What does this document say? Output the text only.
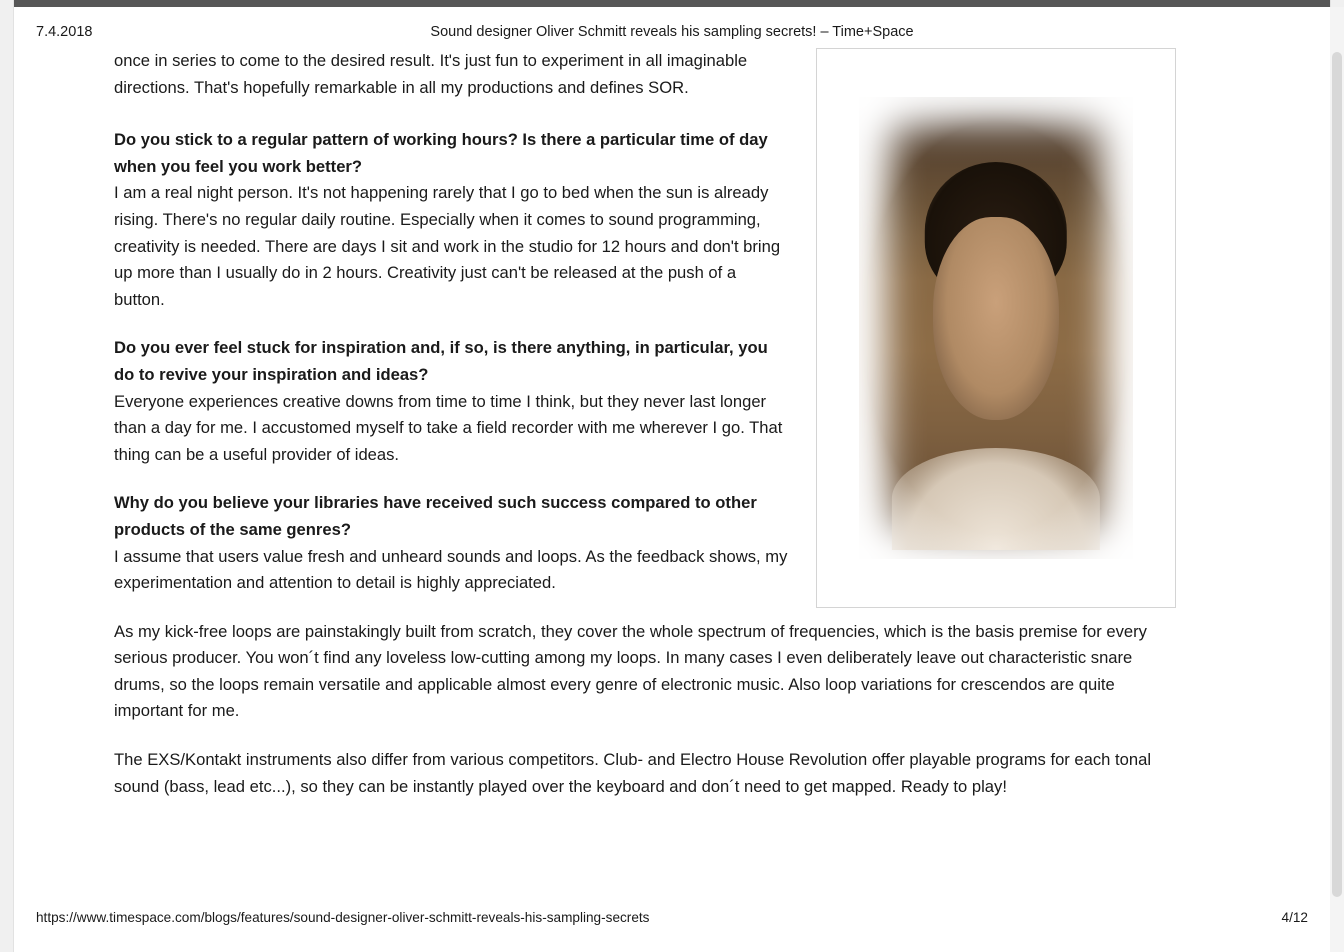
7.4.2018	Sound designer Oliver Schmitt reveals his sampling secrets! – Time+Space

once in series to come to the desired result. It's just fun to experiment in all imaginable directions. That's hopefully remarkable in all my productions and defines SOR.

Do you stick to a regular pattern of working hours? Is there a particular time of day when you feel you work better?

I am a real night person. It's not happening rarely that I go to bed when the sun is already rising. There's no regular daily routine. Especially when it comes to sound programming, creativity is needed. There are days I sit and work in the studio for 12 hours and don't bring up more than I usually do in 2 hours. Creativity just can't be released at the push of a button.

Do you ever feel stuck for inspiration and, if so, is there anything, in particular, you do to revive your inspiration and ideas?

Everyone experiences creative downs from time to time I think, but they never last longer than a day for me. I accustomed myself to take a field recorder with me wherever I go. That thing can be a useful provider of ideas.

Why do you believe your libraries have received such success compared to other products of the same genres?

I assume that users value fresh and unheard sounds and loops. As the feedback shows, my experimentation and attention to detail is highly appreciated.

As my kick-free loops are painstakingly built from scratch, they cover the whole spectrum of frequencies, which is the basis premise for every serious producer. You won´t find any loveless low-cutting among my loops. In many cases I even deliberately leave out characteristic snare drums, so the loops remain versatile and applicable almost every genre of electronic music. Also loop variations for crescendos are quite important for me.

The EXS/Kontakt instruments also differ from various competitors. Club- and Electro House Revolution offer playable programs for each tonal sound (bass, lead etc...), so they can be instantly played over the keyboard and don´t need to get mapped. Ready to play!

https://www.timespace.com/blogs/features/sound-designer-oliver-schmitt-reveals-his-sampling-secrets	4/12
